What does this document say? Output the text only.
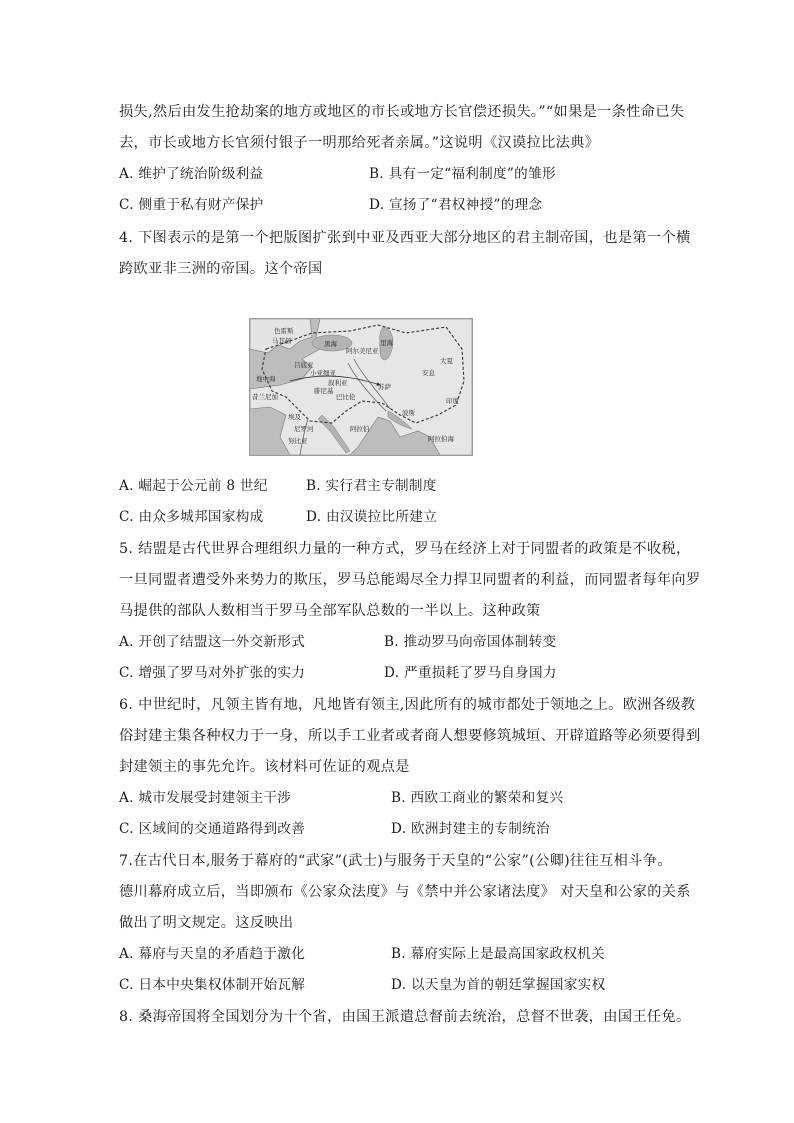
损失,然后由发生抢劫案的地方或地区的市长或地方长官偿还损失。”“如果是一条性命已失
去，市长或地方长官须付银子一明那给死者亲属。”这说明《汉谟拉比法典》
A. 维护了统治阶级利益	B. 具有一定“福利制度”的雏形
C. 侧重于私有财产保护	D. 宣扬了“君权神授”的理念
4. 下图表示的是第一个把版图扩张到中亚及西亚大部分地区的君主制帝国，也是第一个横
跨欧亚非三洲的帝国。这个帝国
色雷斯
马其顿	黑海
阿尔美尼亚
里海
大夏
安息
吕底亚
小亚细亚
叙利亚
巴比伦
苏萨
波斯
地中海
埃及
阿拉伯
印度
努比亚	阿拉伯海
尼罗河
腓尼基
昔兰尼加
A. 崛起于公元前 8 世纪	B. 实行君主专制制度
C. 由众多城邦国家构成	D. 由汉谟拉比所建立
5. 结盟是古代世界合理组织力量的一种方式，罗马在经济上对于同盟者的政策是不收税，
一旦同盟者遭受外来势力的欺压，罗马总能竭尽全力捍卫同盟者的利益，而同盟者每年向罗
马提供的部队人数相当于罗马全部军队总数的一半以上。这种政策
A. 开创了结盟这一外交新形式	B. 推动罗马向帝国体制转变
C. 增强了罗马对外扩张的实力	D. 严重损耗了罗马自身国力
6. 中世纪时，凡领主皆有地，凡地皆有领主,因此所有的城市都处于领地之上。欧洲各级教
俗封建主集各种权力于一身，所以手工业者或者商人想要修筑城垣、开辟道路等必须要得到
封建领主的事先允许。该材料可佐证的观点是
A. 城市发展受封建领主干涉	B. 西欧工商业的繁荣和复兴
C. 区域间的交通道路得到改善	D. 欧洲封建主的专制统治
7.在古代日本,服务于幕府的“武家”(武士)与服务于天皇的“公家”(公卿)往往互相斗争。
德川幕府成立后，当即颁布《公家众法度》与《禁中并公家诸法度》 对天皇和公家的关系
做出了明文规定。这反映出
A. 幕府与天皇的矛盾趋于激化	B. 幕府实际上是最高国家政权机关
C. 日本中央集权体制开始瓦解	D. 以天皇为首的朝廷掌握国家实权
8. 桑海帝国将全国划分为十个省，由国王派遣总督前去统治，总督不世袭，由国王任免。
